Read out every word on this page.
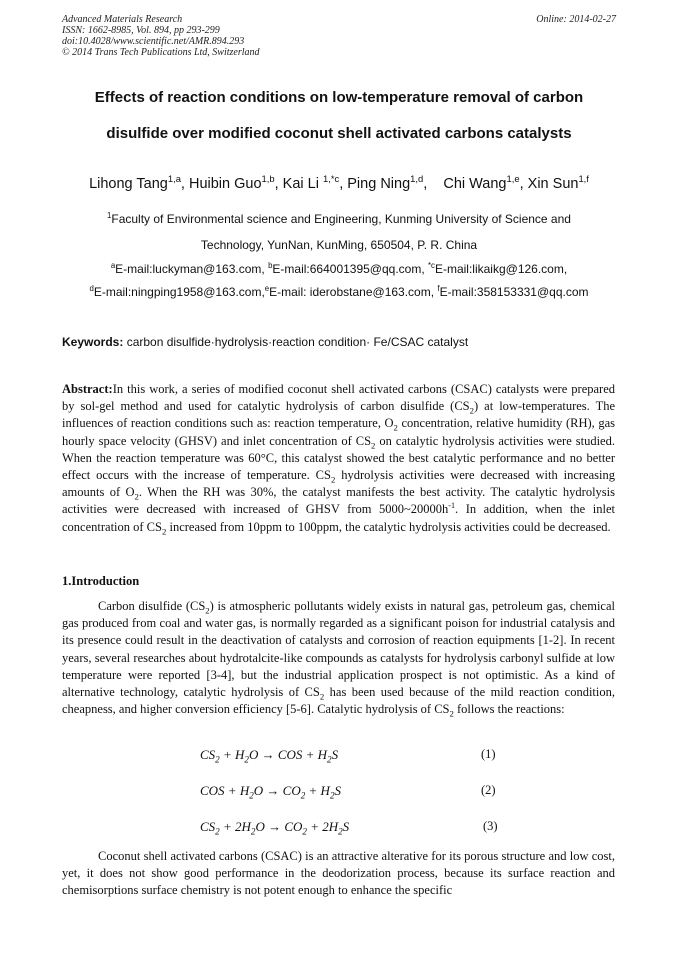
Advanced Materials Research
ISSN: 1662-8985, Vol. 894, pp 293-299
doi:10.4028/www.scientific.net/AMR.894.293
© 2014 Trans Tech Publications Ltd, Switzerland
Online: 2014-02-27
Effects of reaction conditions on low-temperature removal of carbon
disulfide over modified coconut shell activated carbons catalysts
Lihong Tang$^{1,a}$, Huibin Guo$^{1,b}$, Kai Li $^{1,*c}$, Ping Ning$^{1,d}$,    Chi Wang$^{1,e}$, Xin Sun$^{1,f}$
$^1$Faculty of Environmental science and Engineering, Kunming University of Science and
Technology, YunNan, KunMing, 650504, P. R. China
$^a$E-mail:luckyman@163.com, $^b$E-mail:664001395@qq.com, $^{*c}$E-mail:likaikg@126.com,
$^d$E-mail:ningping1958@163.com,$^e$E-mail: iderobstane@163.com, $^f$E-mail:358153331@qq.com
Keywords: carbon disulfide·hydrolysis·reaction condition· Fe/CSAC catalyst
Abstract:In this work, a series of modified coconut shell activated carbons (CSAC) catalysts were prepared by sol-gel method and used for catalytic hydrolysis of carbon disulfide $(CS_2)$ at low-temperatures. The influences of reaction conditions such as: reaction temperature, $O_2$ concentration, relative humidity (RH), gas hourly space velocity (GHSV) and inlet concentration of $CS_2$ on catalytic hydrolysis activities were studied. When the reaction temperature was 60°C, this catalyst showed the best catalytic performance and no better effect occurs with the increase of temperature. $CS_2$ hydrolysis activities were decreased with increasing amounts of $O_2$. When the RH was 30%, the catalyst manifests the best activity. The catalytic hydrolysis activities were decreased with increased of GHSV from $5000\sim 20000h^{-1}$. In addition, when the inlet concentration of $CS_2$ increased from 10ppm to 100ppm, the catalytic hydrolysis activities could be decreased.
1.Introduction
Carbon disulfide $(CS_2)$ is atmospheric pollutants widely exists in natural gas, petroleum gas, chemical gas produced from coal and water gas, is normally regarded as a significant poison for industrial catalysis and its presence could result in the deactivation of catalysts and corrosion of reaction equipments [1-2]. In recent years, several researches about hydrotalcite-like compounds as catalysts for hydrolysis carbonyl sulfide at low temperature were reported [3-4], but the industrial application prospect is not optimistic. As a kind of alternative technology, catalytic hydrolysis of $CS_2$ has been used because of the mild reaction condition, cheapness, and higher conversion efficiency [5-6]. Catalytic hydrolysis of $CS_2$ follows the reactions:
$CS_2 + H_2O$ → COS + $H_2S$	(1)
COS + $H_2O \to CO_2 + H_2S$	(2)
$CS_2 + 2H_2O \to CO_2 + 2H_2S$	(3)
Coconut shell activated carbons (CSAC) is an attractive alterative for its porous structure and low cost, yet, it does not show good performance in the deodorization process, because its surface reaction and chemisorptions surface chemistry is not potent enough to enhance the specific
